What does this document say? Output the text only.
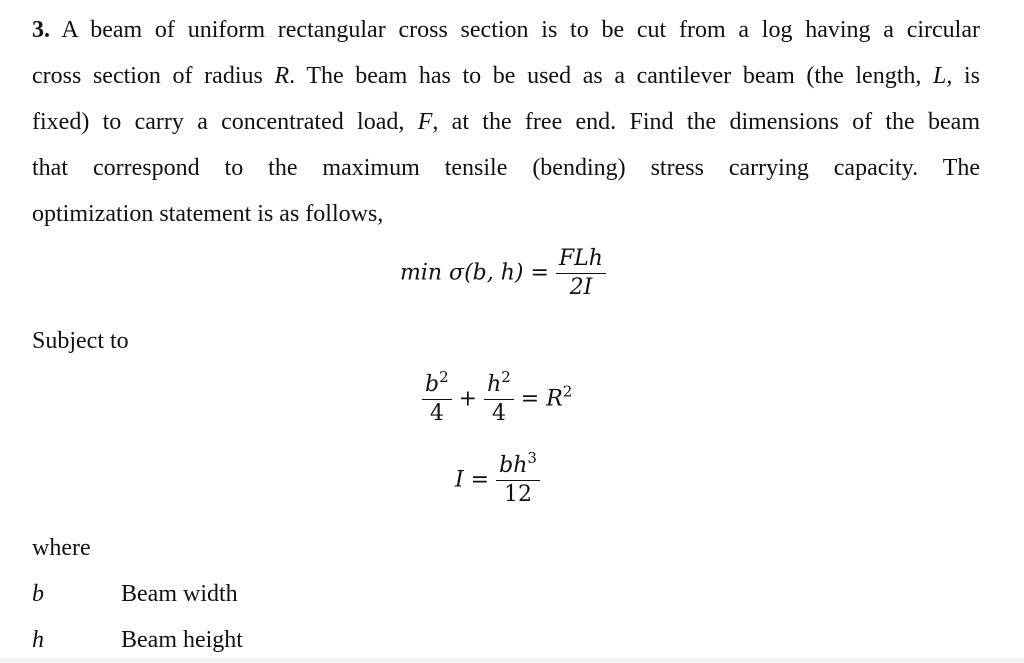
3. A beam of uniform rectangular cross section is to be cut from a log having a circular
cross section of radius R. The beam has to be used as a cantilever beam (the length, L, is
fixed) to carry a concentrated load, F, at the free end. Find the dimensions of the beam
that correspond to the maximum tensile (bending) stress carrying capacity. The
optimization statement is as follows,
min σ(b, $h) = \frac{\text{FLh}}{2I}$
Subject to
$\frac{b^2}{4} + \frac{h^2}{4} = R^2$
$I = \frac{bh^3}{12}$
where
b	Beam width
h	Beam height
